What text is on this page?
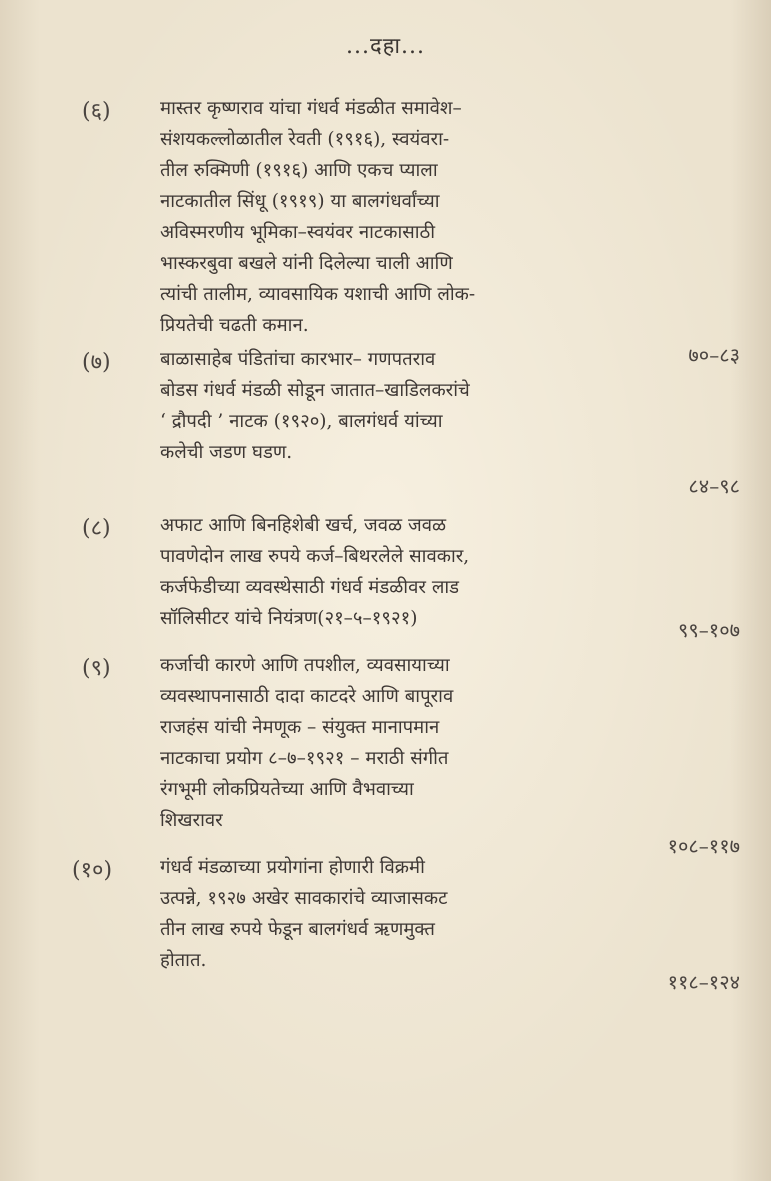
...दहा...
(६)	मास्तर कृष्णराव यांचा गंधर्व मंडळीत समावेश–
संशयकल्लोळातील रेवती (१९१६), स्वयंवरा-
तील रुक्मिणी (१९१६) आणि एकच प्याला
नाटकातील सिंधू (१९१९) या बालगंधर्वांच्या
अविस्मरणीय भूमिका–स्वयंवर नाटकासाठी
भास्करबुवा बखले यांनी दिलेल्या चाली आणि
त्यांची तालीम, व्यावसायिक यशाची आणि लोक-
प्रियतेची चढती कमान.
७०–८३
(७)	बाळासाहेब पंडितांचा कारभार– गणपतराव
बोडस गंधर्व मंडळी सोडून जातात–खाडिलकरांचे
‘ द्रौपदी ’ नाटक (१९२०), बालगंधर्व यांच्या
कलेची जडण घडण.
८४–९८
(८)	अफाट आणि बिनहिशेबी खर्च, जवळ जवळ
पावणेदोन लाख रुपये कर्ज–बिथरलेले सावकार,
कर्जफेडीच्या व्यवस्थेसाठी गंधर्व मंडळीवर लाड
सॉलिसीटर यांचे नियंत्रण(२१–५–१९२१)	९९–१०७
(९)	कर्जाची कारणे आणि तपशील, व्यवसायाच्या
व्यवस्थापनासाठी दादा काटदरे आणि बापूराव
राजहंस यांची नेमणूक – संयुक्त मानापमान
नाटकाचा प्रयोग ८–७–१९२१ – मराठी संगीत
रंगभूमी लोकप्रियतेच्या आणि वैभवाच्या
शिखरावर
१०८–११७
(१०)	गंधर्व मंडळाच्या प्रयोगांना होणारी विक्रमी
उत्पन्ने, १९२७ अखेर सावकारांचे व्याजासकट
तीन लाख रुपये फेडून बालगंधर्व ऋणमुक्त
होतात.
११८–१२४
